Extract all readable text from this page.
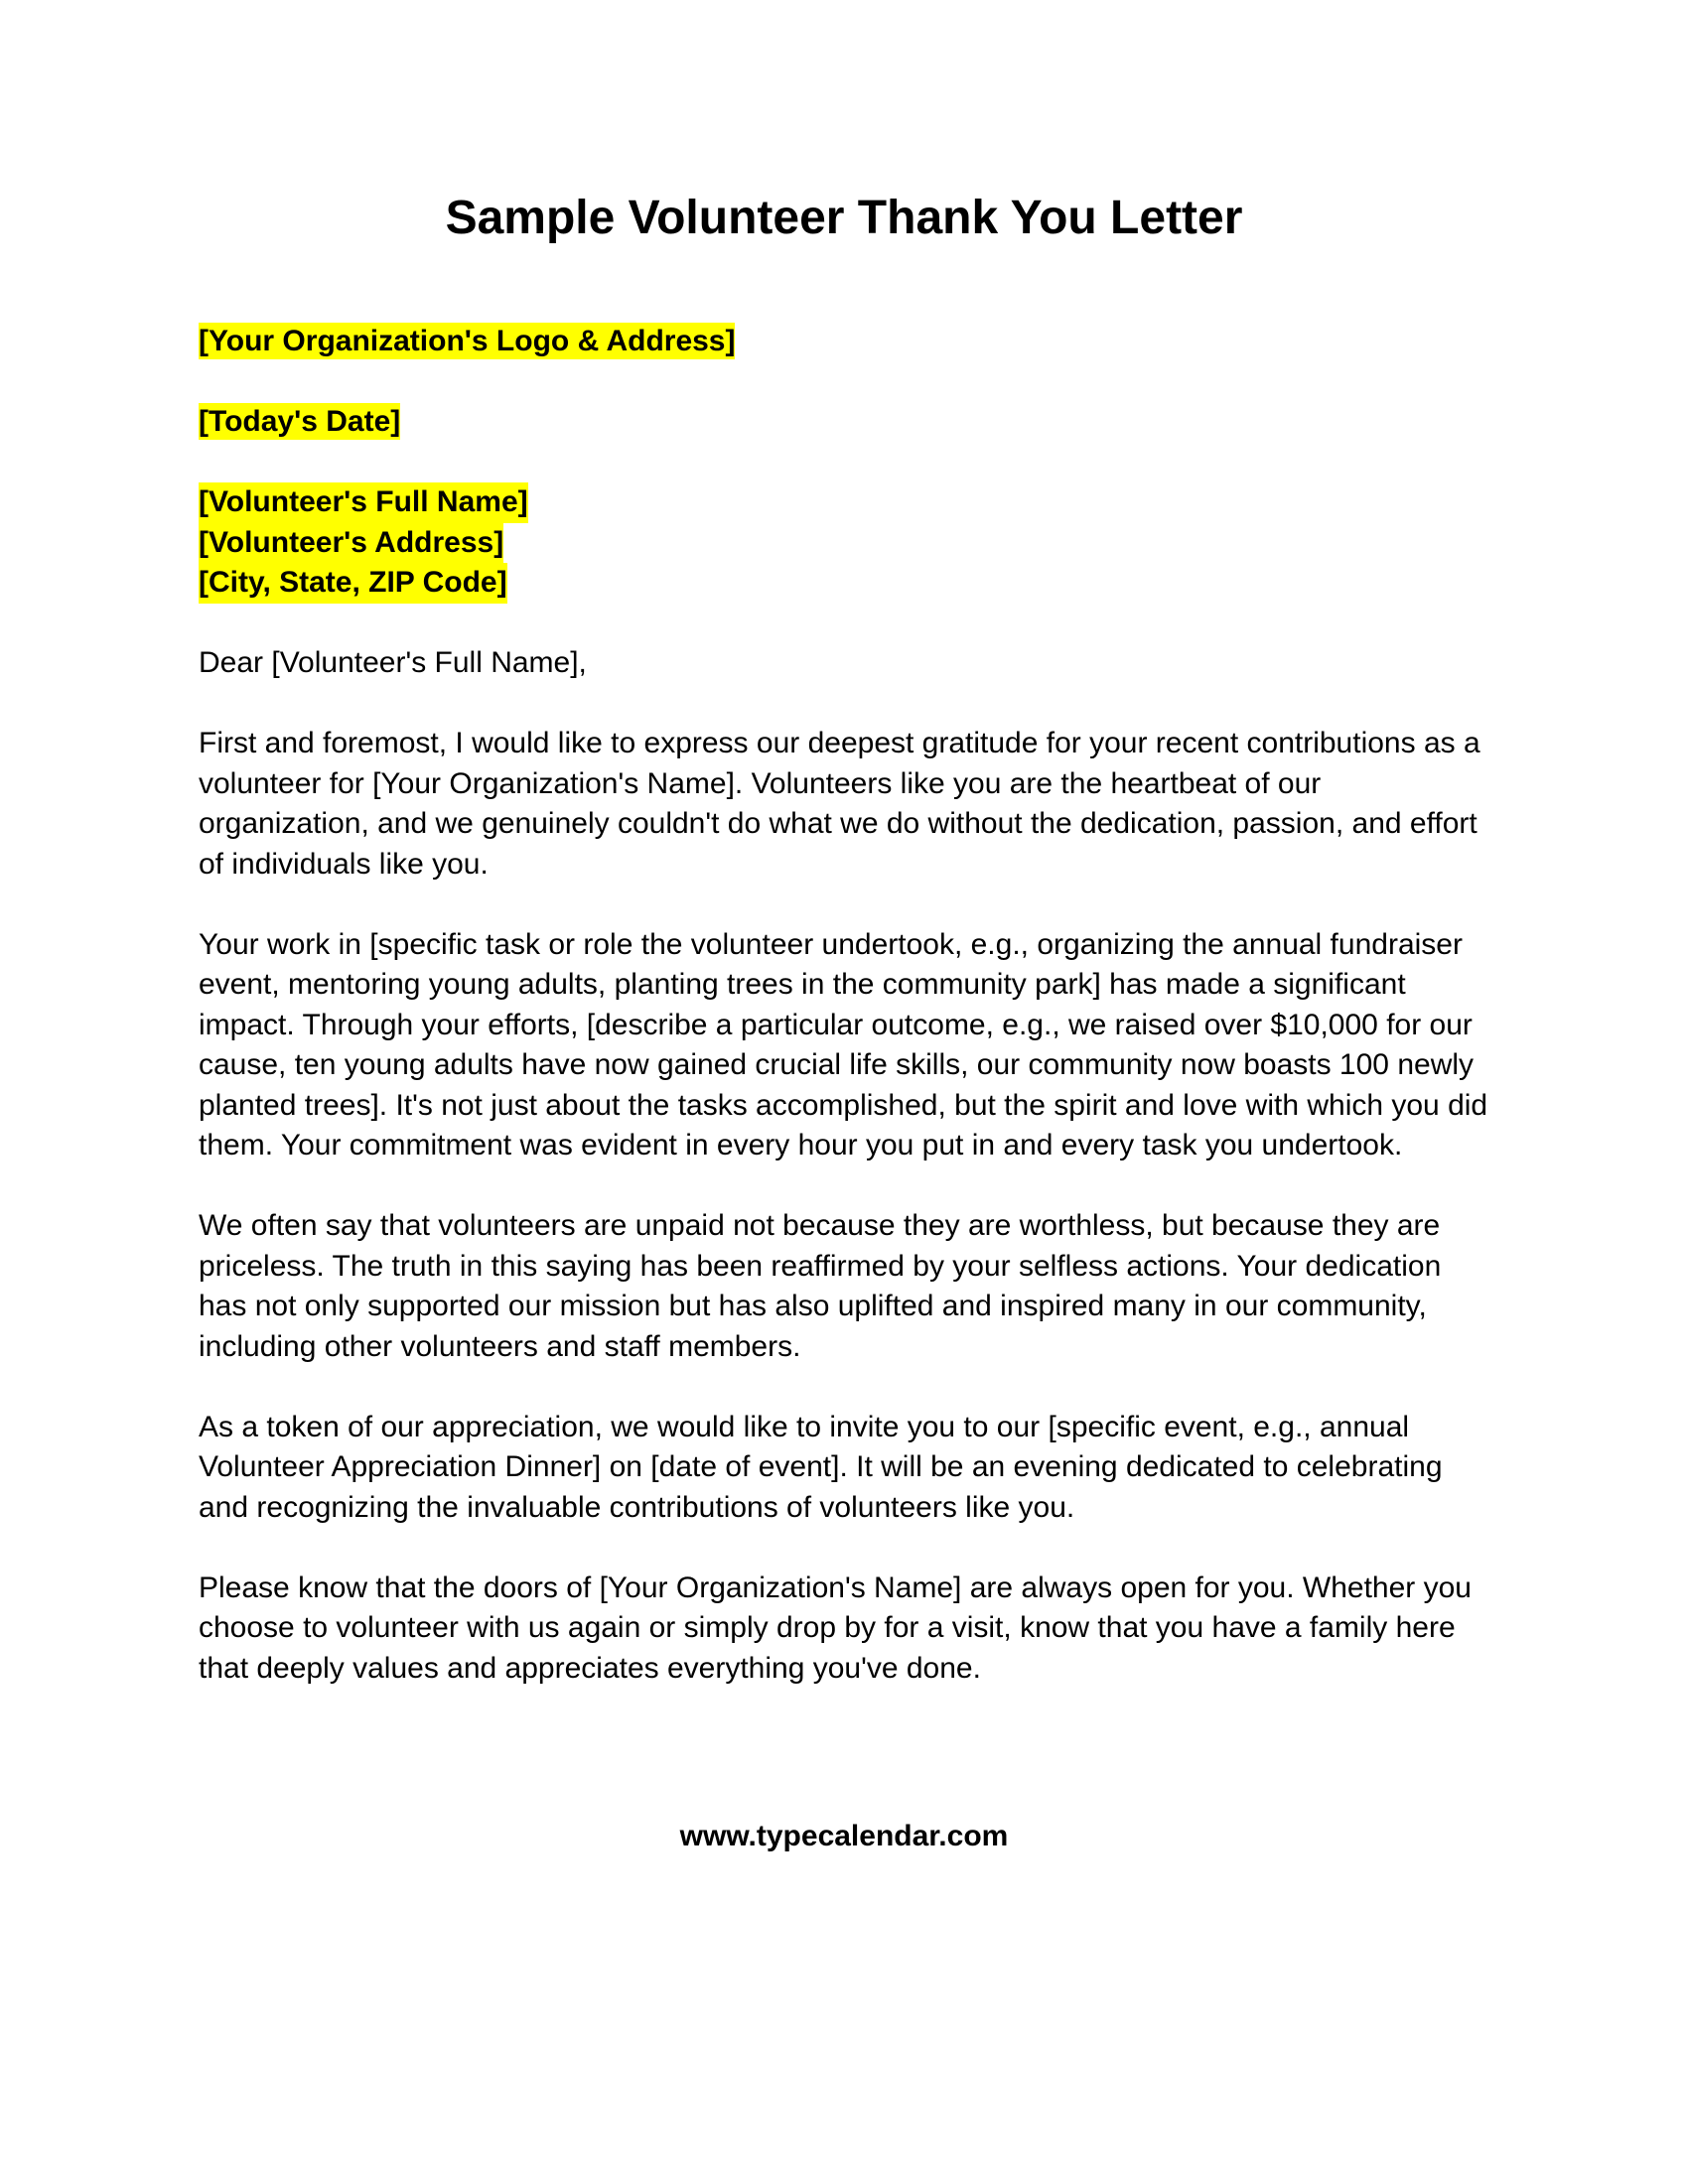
Sample Volunteer Thank You Letter
[Your Organization's Logo & Address]
[Today's Date]
[Volunteer's Full Name]
[Volunteer's Address]
[City, State, ZIP Code]

Dear [Volunteer's Full Name],

First and foremost, I would like to express our deepest gratitude for your recent contributions as a volunteer for [Your Organization's Name]. Volunteers like you are the heartbeat of our organization, and we genuinely couldn't do what we do without the dedication, passion, and effort of individuals like you.

Your work in [specific task or role the volunteer undertook, e.g., organizing the annual fundraiser event, mentoring young adults, planting trees in the community park] has made a significant impact. Through your efforts, [describe a particular outcome, e.g., we raised over $10,000 for our cause, ten young adults have now gained crucial life skills, our community now boasts 100 newly planted trees]. It's not just about the tasks accomplished, but the spirit and love with which you did them. Your commitment was evident in every hour you put in and every task you undertook.

We often say that volunteers are unpaid not because they are worthless, but because they are priceless. The truth in this saying has been reaffirmed by your selfless actions. Your dedication has not only supported our mission but has also uplifted and inspired many in our community, including other volunteers and staff members.

As a token of our appreciation, we would like to invite you to our [specific event, e.g., annual Volunteer Appreciation Dinner] on [date of event]. It will be an evening dedicated to celebrating and recognizing the invaluable contributions of volunteers like you.

Please know that the doors of [Your Organization's Name] are always open for you. Whether you choose to volunteer with us again or simply drop by for a visit, know that you have a family here that deeply values and appreciates everything you've done.

www.typecalendar.com
